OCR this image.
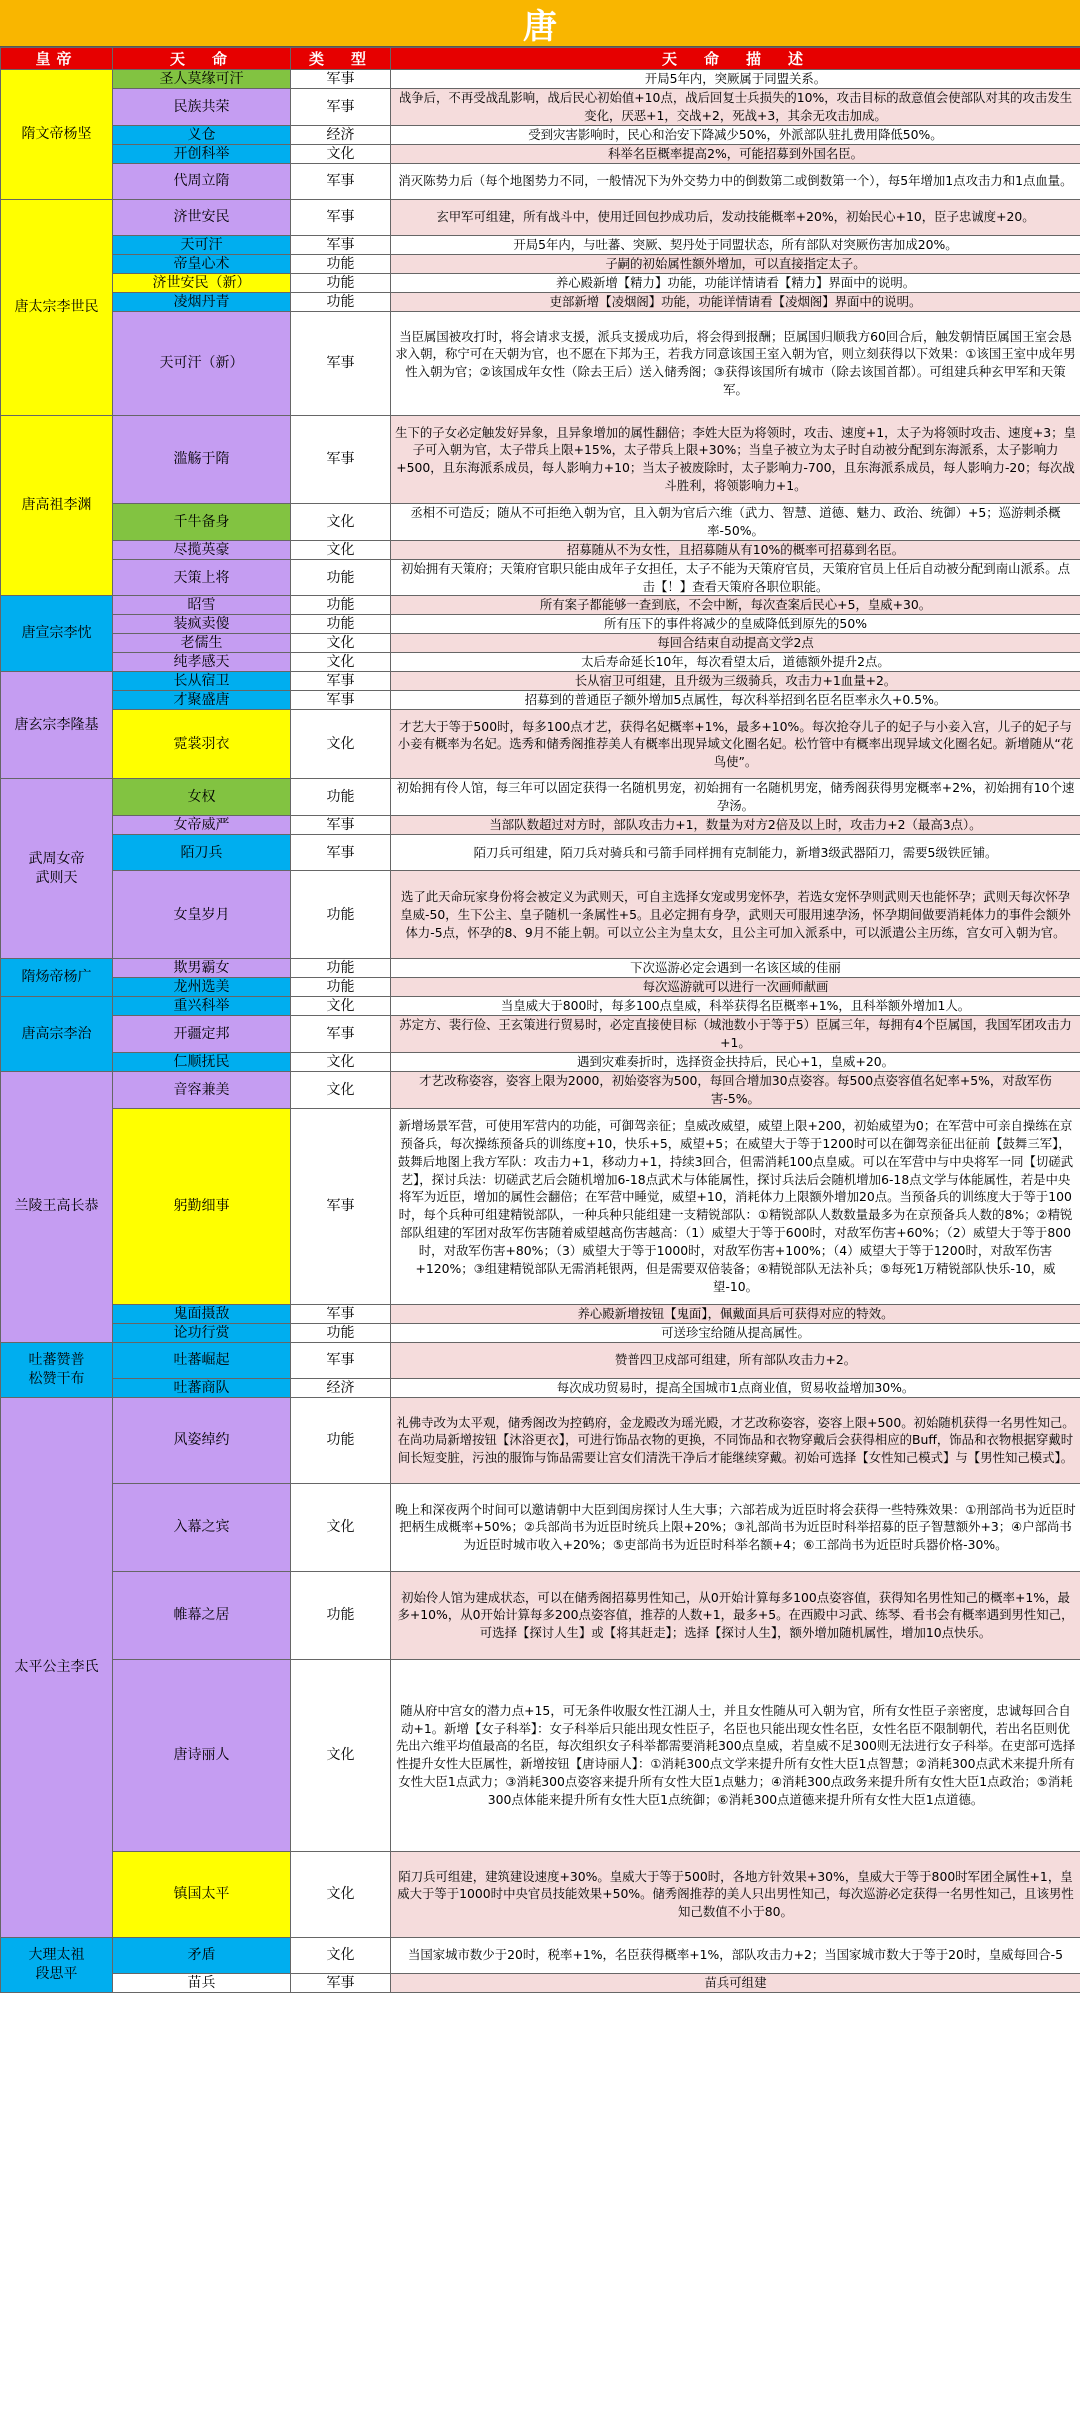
唐
皇帝	天　命	类　型	天　命　描　述
隋文帝杨坚	圣人莫缘可汗	军事	开局5年内，突厥属于同盟关系。
	民族共荣	军事	战争后，不再受战乱影响，战后民心初始值+10点，战后回复士兵损失的10%，攻击目标的敌意值会使部队对其的攻击发生变化，厌恶+1，交战+2，死战+3，其余无攻击加成。
	义仓	经济	受到灾害影响时，民心和治安下降减少50%，外派部队驻扎费用降低50%。
	开创科举	文化	科举名臣概率提高2%，可能招募到外国名臣。
	代周立隋	军事	消灭陈势力后（每个地图势力不同，一般情况下为外交势力中的倒数第二或倒数第一个），每5年增加1点攻击力和1点血量。
唐太宗李世民	济世安民	军事	玄甲军可组建，所有战斗中，使用迁回包抄成功后，发动技能概率+20%，初始民心+10，臣子忠诚度+20。
	天可汗	军事	开局5年内，与吐蕃、突厥、契丹处于同盟状态，所有部队对突厥伤害加成20%。
	帝皇心术	功能	子嗣的初始属性额外增加，可以直接指定太子。
	济世安民（新）	功能	养心殿新增【精力】功能，功能详情请看【精力】界面中的说明。
	凌烟丹青	功能	吏部新增【凌烟阁】功能，功能详情请看【凌烟阁】界面中的说明。
	天可汗（新）	军事	当臣属国被攻打时，将会请求支援，派兵支援成功后，将会得到报酬；臣属国归顺我方60回合后，触发朝情臣属国王室会恳求入朝，称宁可在天朝为官，也不愿在下邦为王，若我方同意该国王室入朝为官，则立刻获得以下效果：①该国王室中成年男性入朝为官；②该国成年女性（除去王后）送入储秀阁；③获得该国所有城市（除去该国首都）。可组建兵种玄甲军和天策军。
唐高祖李渊	滥觞于隋	军事	生下的子女必定触发好异象，且异象增加的属性翻倍；李姓大臣为将领时，攻击、速度+1，太子为将领时攻击、速度+3；皇子可入朝为官，太子带兵上限+15%，太子带兵上限+30%；当皇子被立为太子时自动被分配到东海派系，太子影响力+500，且东海派系成员，每人影响力+10；当太子被废除时，太子影响力-700，且东海派系成员，每人影响力-20；每次战斗胜利，将领影响力+1。
	千牛备身	文化	丞相不可造反；随从不可拒绝入朝为官，且入朝为官后六维（武力、智慧、道德、魅力、政治、统御）+5；巡游刺杀概率-50%。
	尽揽英豪	文化	招募随从不为女性，且招募随从有10%的概率可招募到名臣。
	天策上将	功能	初始拥有天策府；天策府官职只能由成年子女担任，太子不能为天策府官员，天策府官员上任后自动被分配到南山派系。点击【！】查看天策府各职位职能。
唐宣宗李忱	昭雪	功能	所有案子都能够一查到底，不会中断，每次查案后民心+5，皇威+30。
	装疯卖傻	功能	所有压下的事件将减少的皇威降低到原先的50%
	老儒生	文化	每回合结束自动提高文学2点
	纯孝感天	文化	太后寿命延长10年，每次看望太后，道德额外提升2点。
唐玄宗李隆基	长从宿卫	军事	长从宿卫可组建，且升级为三级骑兵，攻击力+1血量+2。
	才聚盛唐	军事	招募到的普通臣子额外增加5点属性，每次科举招到名臣名臣率永久+0.5%。
	霓裳羽衣	文化	才艺大于等于500时，每多100点才艺，获得名妃概率+1%，最多+10%。每次抢夺儿子的妃子与小妾入宫，儿子的妃子与小妾有概率为名妃。选秀和储秀阁推荐美人有概率出现异域文化圈名妃。松竹管中有概率出现异域文化圈名妃。新增随从“花鸟使”。
武周女帝
武则天	女权	功能	初始拥有伶人馆，每三年可以固定获得一名随机男宠，初始拥有一名随机男宠，储秀阁获得男宠概率+2%，初始拥有10个速孕汤。
	女帝威严	军事	当部队数超过对方时，部队攻击力+1，数量为对方2倍及以上时，攻击力+2（最高3点）。
	陌刀兵	军事	陌刀兵可组建，陌刀兵对骑兵和弓箭手同样拥有克制能力，新增3级武器陌刀，需要5级铁匠铺。
	女皇岁月	功能	选了此天命玩家身份将会被定义为武则天，可自主选择女宠或男宠怀孕，若选女宠怀孕则武则天也能怀孕；武则天每次怀孕皇威-50，生下公主、皇子随机一条属性+5。且必定拥有身孕，武则天可服用速孕汤，怀孕期间做要消耗体力的事件会额外体力-5点，怀孕的8、9月不能上朝。可以立公主为皇太女，且公主可加入派系中，可以派遣公主历练，宫女可入朝为官。
隋炀帝杨广	欺男霸女	功能	下次巡游必定会遇到一名该区域的佳丽
	龙州选美	功能	每次巡游就可以进行一次画师献画
唐高宗李治	重兴科举	文化	当皇威大于800时，每多100点皇威，科举获得名臣概率+1%，且科举额外增加1人。
	开疆定邦	军事	苏定方、裴行俭、王玄策进行贸易时，必定直接使目标（城池数小于等于5）臣属三年，每拥有4个臣属国，我国军团攻击力+1。
	仁顺抚民	文化	遇到灾难奏折时，选择资金扶持后，民心+1，皇威+20。
兰陵王高长恭	音容兼美	文化	才艺改称姿容，姿容上限为2000，初始姿容为500，每回合增加30点姿容。每500点姿容值名妃率+5%，对敌军伤害-5%。
	躬勤细事	军事	新增场景军营，可使用军营内的功能，可御驾亲征；皇威改威望，威望上限+200，初始威望为0；在军营中可亲自操练在京预备兵，每次操练预备兵的训练度+10，快乐+5，威望+5；在威望大于等于1200时可以在御驾亲征出征前【鼓舞三军】，鼓舞后地图上我方军队：攻击力+1，移动力+1，持续3回合，但需消耗100点皇威。可以在军营中与中央将军一同【切磋武艺】，探讨兵法：切磋武艺后会随机增加6-18点武术与体能属性，探讨兵法后会随机增加6-18点文学与体能属性，若是中央将军为近臣，增加的属性会翻倍；在军营中睡觉，威望+10，消耗体力上限额外增加20点。当预备兵的训练度大于等于100时，每个兵种可组建精锐部队，一种兵种只能组建一支精锐部队：①精锐部队人数数量最多为在京预备兵人数的8%；②精锐部队组建的军团对敌军伤害随着威望越高伤害越高：（1）威望大于等于600时，对敌军伤害+60%；（2）威望大于等于800时，对敌军伤害+80%；（3）威望大于等于1000时，对敌军伤害+100%；（4）威望大于等于1200时，对敌军伤害+120%；③组建精锐部队无需消耗银两，但是需要双倍装备；④精锐部队无法补兵；⑤每死1万精锐部队快乐-10，威望-10。
	鬼面摄敌	军事	养心殿新增按钮【鬼面】，佩戴面具后可获得对应的特效。
	论功行赏	功能	可送珍宝给随从提高属性。
吐蕃赞普
松赞干布	吐蕃崛起	军事	赞普四卫戍部可组建，所有部队攻击力+2。
	吐蕃商队	经济	每次成功贸易时，提高全国城市1点商业值，贸易收益增加30%。
太平公主李氏	风姿绰约	功能	礼佛寺改为太平观，储秀阁改为控鹤府，金龙殿改为瑶光殿，才艺改称姿容，姿容上限+500。初始随机获得一名男性知己。在尚功局新增按钮【沐浴更衣】，可进行饰品衣物的更换，不同饰品和衣物穿戴后会获得相应的Buff，饰品和衣物根据穿戴时间长短变脏，污浊的服饰与饰品需要让宫女们清洗干净后才能继续穿戴。初始可选择【女性知己模式】与【男性知己模式】。
	入幕之宾	文化	晚上和深夜两个时间可以邀请朝中大臣到闺房探讨人生大事；六部若成为近臣时将会获得一些特殊效果：①刑部尚书为近臣时把柄生成概率+50%；②兵部尚书为近臣时统兵上限+20%；③礼部尚书为近臣时科举招募的臣子智慧额外+3；④户部尚书为近臣时城市收入+20%；⑤吏部尚书为近臣时科举名额+4；⑥工部尚书为近臣时兵器价格-30%。
	帷幕之居	功能	初始伶人馆为建成状态，可以在储秀阁招募男性知己，从0开始计算每多100点姿容值，获得知名男性知己的概率+1%，最多+10%，从0开始计算每多200点姿容值，推荐的人数+1，最多+5。在西殿中习武、练琴、看书会有概率遇到男性知己，可选择【探讨人生】或【将其赶走】；选择【探讨人生】，额外增加随机属性，增加10点快乐。
	唐诗丽人	文化	随从府中宫女的潜力点+15，可无条件收服女性江湖人士，并且女性随从可入朝为官，所有女性臣子亲密度，忠诚每回合自动+1。新增【女子科举】：女子科举后只能出现女性臣子，名臣也只能出现女性名臣，女性名臣不限制朝代，若出名臣则优先出六维平均值最高的名臣，每次组织女子科举都需要消耗300点皇威，若皇威不足300则无法进行女子科举。在吏部可选择性提升女性大臣属性，新增按钮【唐诗丽人】：①消耗300点文学来提升所有女性大臣1点智慧；②消耗300点武术来提升所有女性大臣1点武力；③消耗300点姿容来提升所有女性大臣1点魅力；④消耗300点政务来提升所有女性大臣1点政治；⑤消耗300点体能来提升所有女性大臣1点统御；⑥消耗300点道德来提升所有女性大臣1点道德。
	镇国太平	文化	陌刀兵可组建，建筑建设速度+30%。皇威大于等于500时，各地方针效果+30%，皇威大于等于800时军团全属性+1，皇威大于等于1000时中央官员技能效果+50%。储秀阁推荐的美人只出男性知己，每次巡游必定获得一名男性知己，且该男性知己数值不小于80。
大理太祖
段思平	矛盾	文化	当国家城市数少于20时，税率+1%，名臣获得概率+1%，部队攻击力+2；当国家城市数大于等于20时，皇威每回合-5
	苗兵	军事	苗兵可组建
